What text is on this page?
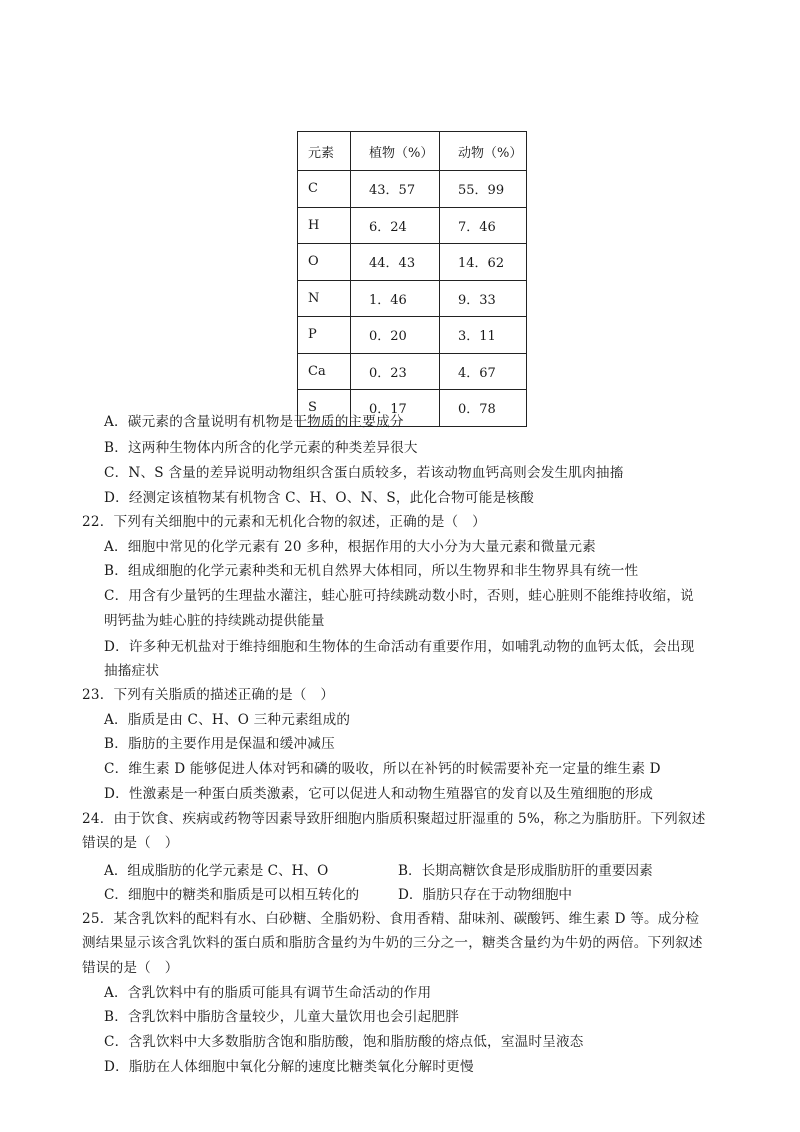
元素	植物（%）	动物（%）
C	43．57	55．99
H	6．24	7．46
O	44．43	14．62
N	1．46	9．33
P	0．20	3．11
Ca	0．23	4．67
S	0．17	0．78
A．碳元素的含量说明有机物是干物质的主要成分
B．这两种生物体内所含的化学元素的种类差异很大
C．N、S 含量的差异说明动物组织含蛋白质较多，若该动物血钙高则会发生肌肉抽搐
D．经测定该植物某有机物含 C、H、O、N、S，此化合物可能是核酸
22．下列有关细胞中的元素和无机化合物的叙述，正确的是（　）
A．细胞中常见的化学元素有 20 多种，根据作用的大小分为大量元素和微量元素
B．组成细胞的化学元素种类和无机自然界大体相同，所以生物界和非生物界具有统一性
C．用含有少量钙的生理盐水灌注，蛙心脏可持续跳动数小时，否则，蛙心脏则不能维持收缩，说
明钙盐为蛙心脏的持续跳动提供能量
D．许多种无机盐对于维持细胞和生物体的生命活动有重要作用，如哺乳动物的血钙太低，会出现
抽搐症状
23．下列有关脂质的描述正确的是（　）
A．脂质是由 C、H、O 三种元素组成的
B．脂肪的主要作用是保温和缓冲减压
C．维生素 D 能够促进人体对钙和磷的吸收，所以在补钙的时候需要补充一定量的维生素 D
D．性激素是一种蛋白质类激素，它可以促进人和动物生殖器官的发育以及生殖细胞的形成
24．由于饮食、疾病或药物等因素导致肝细胞内脂质积聚超过肝湿重的 5%，称之为脂肪肝。下列叙述
错误的是（　）
A．组成脂肪的化学元素是 C、H、O	B．长期高糖饮食是形成脂肪肝的重要因素
C．细胞中的糖类和脂质是可以相互转化的	D．脂肪只存在于动物细胞中
25．某含乳饮料的配料有水、白砂糖、全脂奶粉、食用香精、甜味剂、碳酸钙、维生素 D 等。成分检
测结果显示该含乳饮料的蛋白质和脂肪含量约为牛奶的三分之一，糖类含量约为牛奶的两倍。下列叙述
错误的是（　）
A．含乳饮料中有的脂质可能具有调节生命活动的作用
B．含乳饮料中脂肪含量较少，儿童大量饮用也会引起肥胖
C．含乳饮料中大多数脂肪含饱和脂肪酸，饱和脂肪酸的熔点低，室温时呈液态
D．脂肪在人体细胞中氧化分解的速度比糖类氧化分解时更慢
